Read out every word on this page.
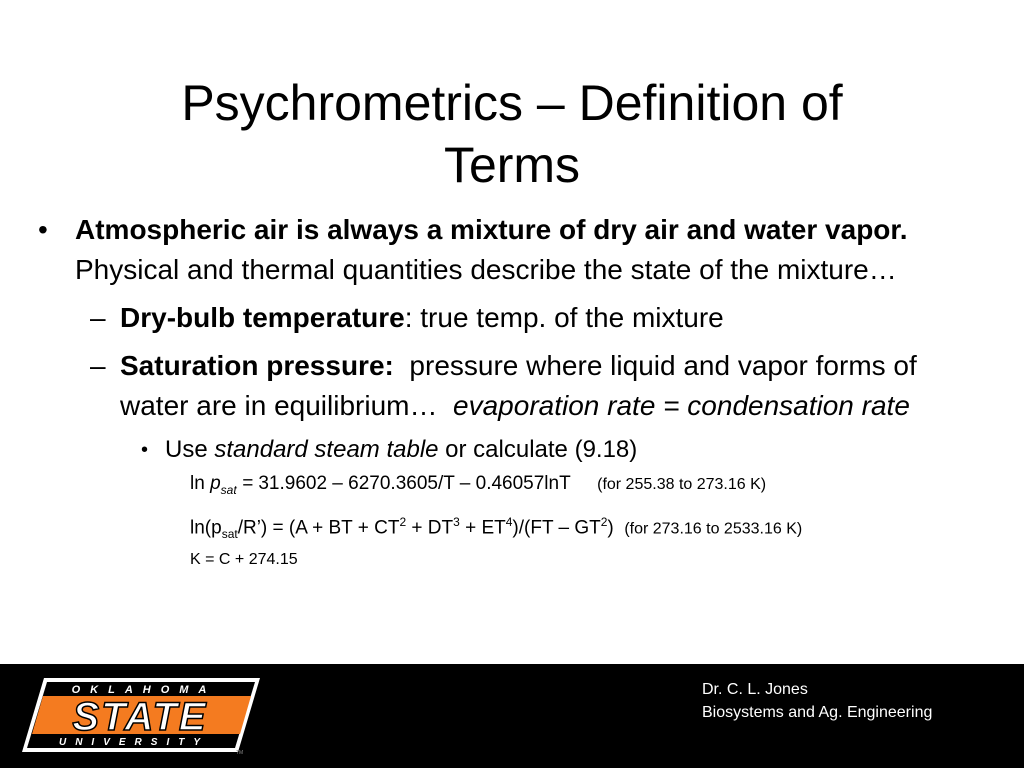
Psychrometrics – Definition of
Terms
• Atmospheric air is always a mixture of dry air and water vapor.  Physical and thermal quantities describe the state of the mixture…
– Dry-bulb temperature: true temp. of the mixture
– Saturation pressure: pressure where liquid and vapor forms of water are in equilibrium… evaporation rate = condensation rate
• Use standard steam table or calculate (9.18)
$\ln p_{sat} = 31.9602 - 6270.3605/T - 0.46057\ln T$ (for 255.38 to 273.16 K)
$\ln(p_{sat}/R’) = (A$ + BT + $CT^2 + DT^3 + ET^4)/(FT - GT^2)$ (for 273.16 to 2533.16 K)
K = C + 274.15
OKLAHOMA
STATE
UNIVERSITY
TM
Dr. C. L. Jones
Biosystems and Ag. Engineering
